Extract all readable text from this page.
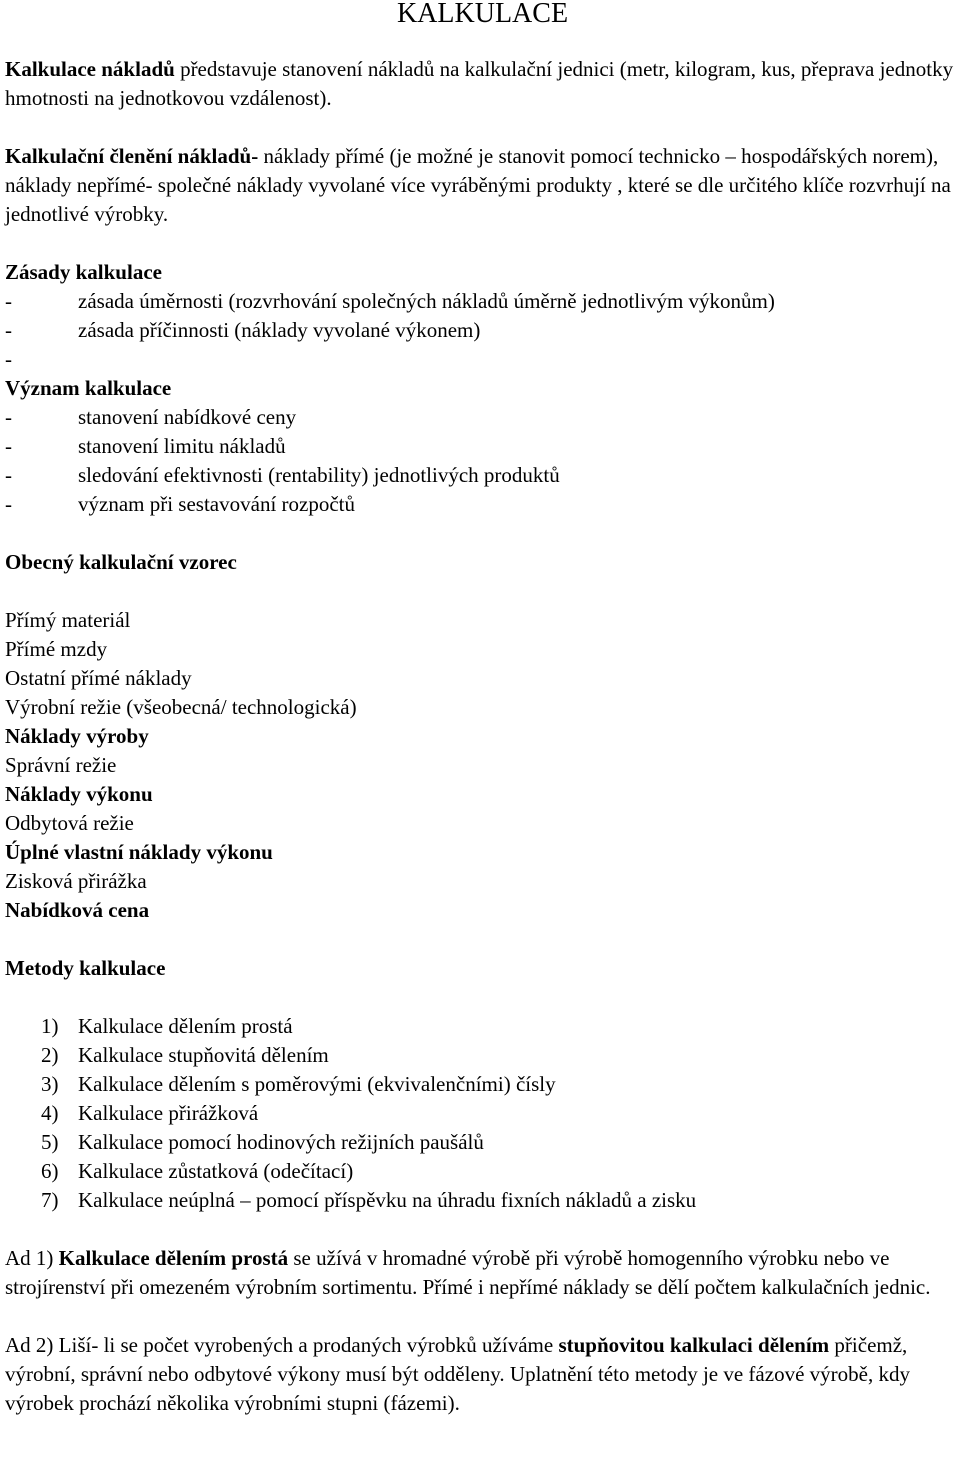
KALKULACE

Kalkulace nákladů představuje stanovení nákladů na kalkulační jednici (metr, kilogram, kus, přeprava jednotky hmotnosti na jednotkovou vzdálenost).

Kalkulační členění nákladů- náklady přímé (je možné je stanovit pomocí technicko – hospodářských norem), náklady nepřímé- společné náklady vyvolané více vyráběnými produkty , které se dle určitého klíče rozvrhují na jednotlivé výrobky.

Zásady kalkulace

-	zásada úměrnosti (rozvrhování společných nákladů úměrně jednotlivým výkonům)
-	zásada příčinnosti (náklady vyvolané výkonem)
-

Význam kalkulace

-	stanovení nabídkové ceny
-	stanovení limitu nákladů
-	sledování efektivnosti (rentability) jednotlivých produktů
-	význam při sestavování rozpočtů

Obecný kalkulační vzorec

Přímý materiál

Přímé mzdy

Ostatní přímé náklady

Výrobní režie (všeobecná/ technologická)

Náklady výroby

Správní režie

Náklady výkonu

Odbytová režie

Úplné vlastní náklady výkonu

Zisková přirážka

Nabídková cena

Metody kalkulace

1) Kalkulace dělením prostá
2) Kalkulace stupňovitá dělením
3) Kalkulace dělením s poměrovými (ekvivalenčními) čísly
4) Kalkulace přirážková
5) Kalkulace pomocí hodinových režijních paušálů
6) Kalkulace zůstatková (odečítací)
7) Kalkulace neúplná – pomocí příspěvku na úhradu fixních nákladů a zisku

Ad 1) Kalkulace dělením prostá se užívá v hromadné výrobě při výrobě homogenního výrobku nebo ve strojírenství při omezeném výrobním sortimentu. Přímé i nepřímé náklady se dělí počtem kalkulačních jednic.

Ad 2) Liší- li se počet vyrobených a prodaných výrobků užíváme stupňovitou kalkulaci dělením přičemž, výrobní, správní nebo odbytové výkony musí být odděleny. Uplatnění této metody je ve fázové výrobě, kdy výrobek prochází několika výrobními stupni (fázemi).
